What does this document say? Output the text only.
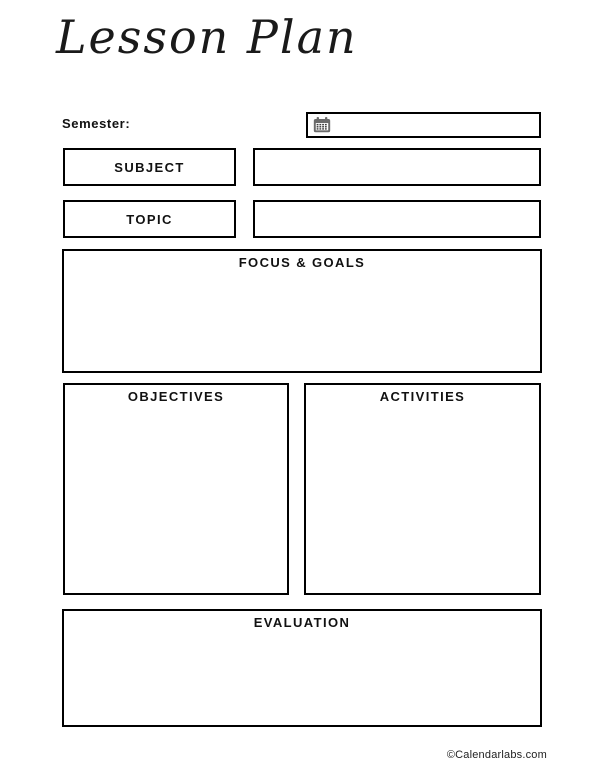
Lesson Plan
Semester:
SUBJECT
TOPIC
FOCUS & GOALS
OBJECTIVES	ACTIVITIES
EVALUATION
©Calendarlabs.com
